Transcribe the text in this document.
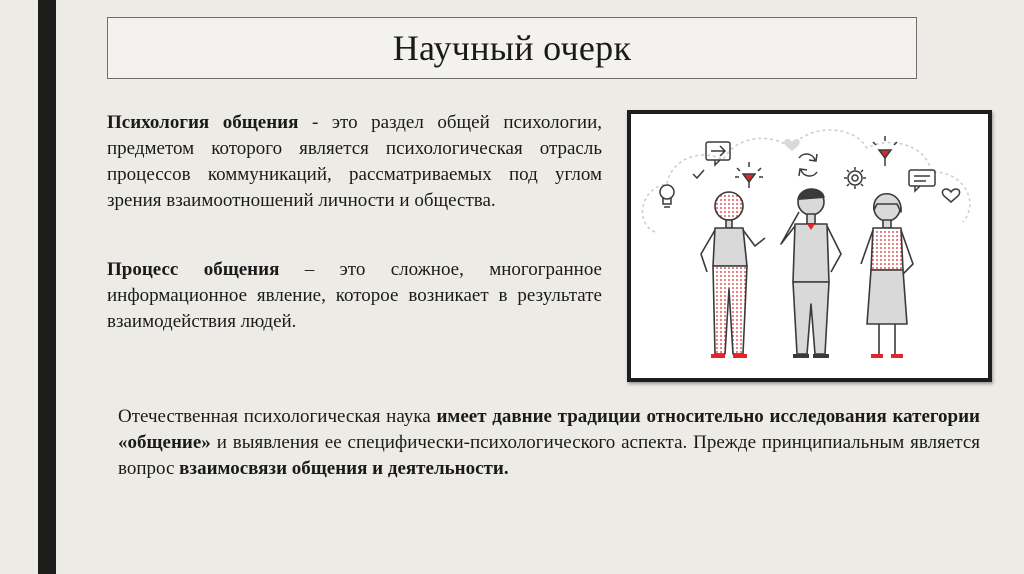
Научный очерк

Психология общения - это раздел общей психологии, предметом которого является психологическая отрасль процессов коммуникаций, рассматриваемых под углом зрения взаимоотношений личности и общества.

Процесс общения – это сложное, многогранное информационное явление, которое возникает в результате взаимодействия людей.

Отечественная психологическая наука имеет давние традиции относительно исследования категории «общение» и выявления ее специфически-психологического аспекта. Прежде принципиальным является вопрос взаимосвязи общения и деятельности.
